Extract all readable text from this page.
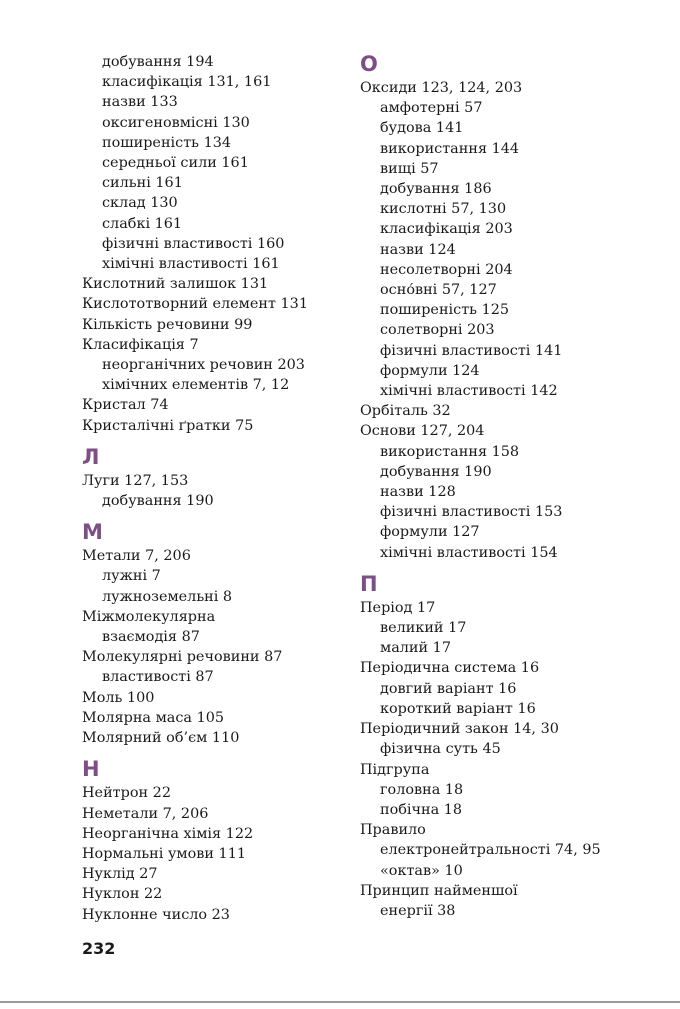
добування 194
класифікація 131, 161
назви 133
оксигеновмісні 130
поширеність 134
середньої сили 161
сильні 161
склад 130
слабкі 161
фізичні властивості 160
хімічні властивості 161
Кислотний залишок 131
Кислототворний елемент 131
Кількість речовини 99
Класифікація 7
неорганічних речовин 203
хімічних елементів 7, 12
Кристал 74
Кристалічні ґратки 75
Л
Луги 127, 153
добування 190
М
Метали 7, 206
лужні 7
лужноземельні 8
Міжмолекулярна
взаємодія 87
Молекулярні речовини 87
властивості 87
Моль 100
Молярна маса 105
Молярний об’єм 110
Н
Нейтрон 22
Неметали 7, 206
Неорганічна хімія 122
Нормальні умови 111
Нуклід 27
Нуклон 22
Нуклонне число 23
О
Оксиди 123, 124, 203
амфотерні 57
будова 141
використання 144
вищі 57
добування 186
кислотні 57, 130
класифікація 203
назви 124
несолетворні 204
осно́вні 57, 127
поширеність 125
солетворні 203
фізичні властивості 141
формули 124
хімічні властивості 142
Орбіталь 32
Основи 127, 204
використання 158
добування 190
назви 128
фізичні властивості 153
формули 127
хімічні властивості 154
П
Період 17
великий 17
малий 17
Періодична система 16
довгий варіант 16
короткий варіант 16
Періодичний закон 14, 30
фізична суть 45
Підгрупа
головна 18
побічна 18
Правило
електронейтральності 74, 95
«октав» 10
Принцип найменшої
енергії 38
232
